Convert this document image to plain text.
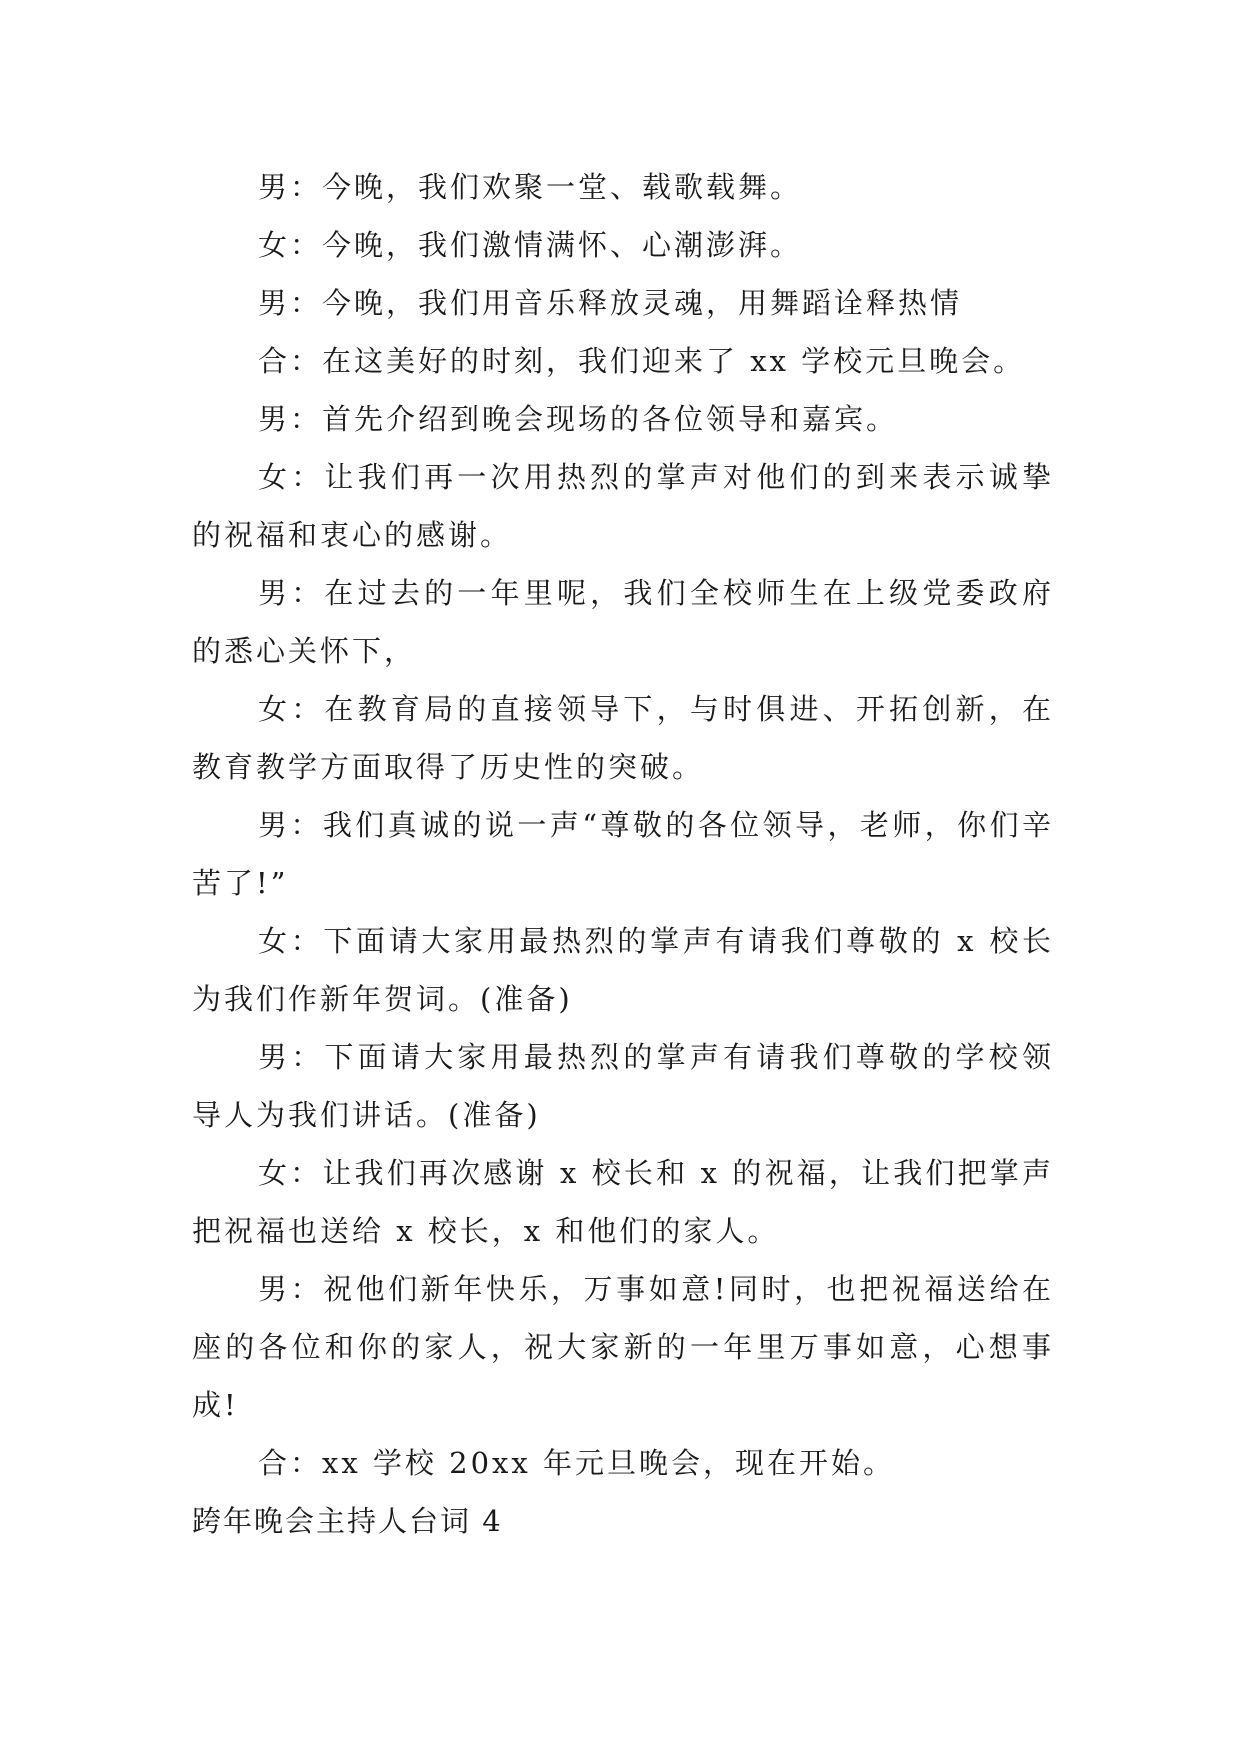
男：今晚，我们欢聚一堂、载歌载舞。

女：今晚，我们激情满怀、心潮澎湃。

男：今晚，我们用音乐释放灵魂，用舞蹈诠释热情

合：在这美好的时刻，我们迎来了 xx 学校元旦晚会。

男：首先介绍到晚会现场的各位领导和嘉宾。

女：让我们再一次用热烈的掌声对他们的到来表示诚挚的祝福和衷心的感谢。

男：在过去的一年里呢，我们全校师生在上级党委政府的悉心关怀下，

女：在教育局的直接领导下，与时俱进、开拓创新，在教育教学方面取得了历史性的突破。

男：我们真诚的说一声“尊敬的各位领导，老师，你们辛苦了!”

女：下面请大家用最热烈的掌声有请我们尊敬的 x 校长为我们作新年贺词。(准备)

男：下面请大家用最热烈的掌声有请我们尊敬的学校领导人为我们讲话。(准备)

女：让我们再次感谢 x 校长和 x 的祝福，让我们把掌声把祝福也送给 x 校长，x 和他们的家人。

男：祝他们新年快乐，万事如意!同时，也把祝福送给在座的各位和你的家人，祝大家新的一年里万事如意，心想事成!

合：xx 学校 20xx 年元旦晚会，现在开始。

跨年晚会主持人台词 4
